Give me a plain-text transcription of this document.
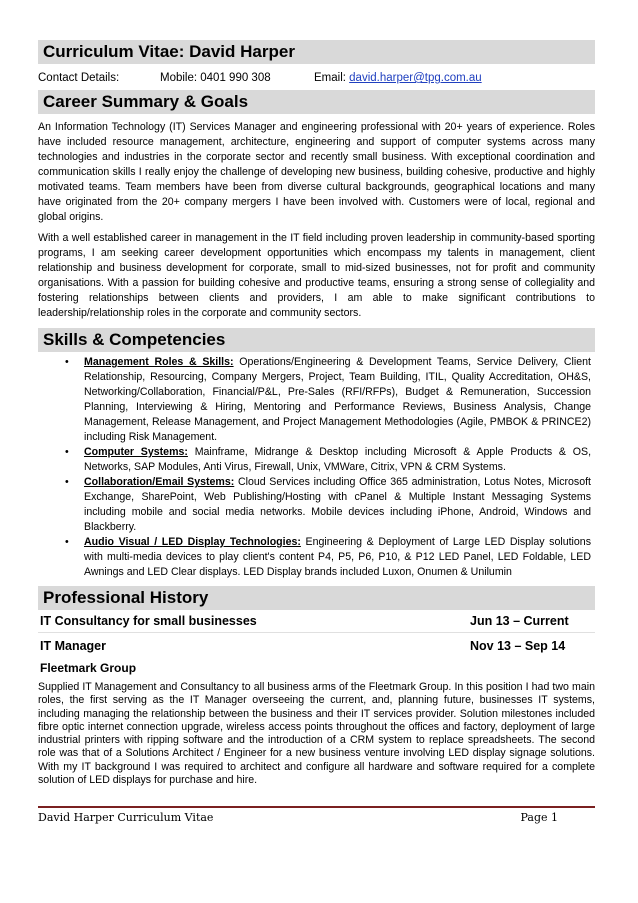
Curriculum Vitae: David Harper
Contact Details:	Mobile: 0401 990 308	Email: david.harper@tpg.com.au
Career Summary & Goals

An Information Technology (IT) Services Manager and engineering professional with 20+ years of experience. Roles have included resource management, architecture, engineering and support of computer systems across many technologies and industries in the corporate sector and recently small business. With exceptional coordination and communication skills I really enjoy the challenge of developing new business, building cohesive, productive and highly motivated teams. Team members have been from diverse cultural backgrounds, geographical locations and many have originated from the 20+ company mergers I have been involved with. Customers were of local, regional and global origins.

With a well established career in management in the IT field including proven leadership in community-based sporting programs, I am seeking career development opportunities which encompass my talents in management, client relationship and business development for corporate, small to mid-sized businesses, not for profit and community organisations. With a passion for building cohesive and productive teams, ensuring a strong sense of collegiality and fostering relationships between clients and providers, I am able to make significant contributions to leadership/relationship roles in the corporate and community sectors.

Skills & Competencies
• Management Roles & Skills: Operations/Engineering & Development Teams, Service Delivery, Client Relationship, Resourcing, Company Mergers, Project, Team Building, ITIL, Quality Accreditation, OH&S, Networking/Collaboration, Financial/P&L, Pre-Sales (RFI/RFPs), Budget & Remuneration, Succession Planning, Interviewing & Hiring, Mentoring and Performance Reviews, Business Analysis, Change Management, Release Management, and Project Management Methodologies (Agile, PMBOK & PRINCE2) including Risk Management.
• Computer Systems: Mainframe, Midrange & Desktop including Microsoft & Apple Products & OS, Networks, SAP Modules, Anti Virus, Firewall, Unix, VMWare, Citrix, VPN & CRM Systems.
• Collaboration/Email Systems: Cloud Services including Office 365 administration, Lotus Notes, Microsoft Exchange, SharePoint, Web Publishing/Hosting with cPanel & Multiple Instant Messaging Systems including mobile and social media networks. Mobile devices including iPhone, Android, Windows and Blackberry.
• Audio Visual / LED Display Technologies: Engineering & Deployment of Large LED Display solutions with multi-media devices to play client's content P4, P5, P6, P10, & P12 LED Panel, LED Foldable, LED Awnings and LED Clear displays. LED Display brands included Luxon, Onumen & Unilumin
Professional History
IT Consultancy for small businesses	Jun 13 – Current
IT Manager	Nov 13 – Sep 14
Fleetmark Group

Supplied IT Management and Consultancy to all business arms of the Fleetmark Group. In this position I had two main roles, the first serving as the IT Manager overseeing the current, and, planning future, businesses IT systems, including managing the relationship between the business and their IT services provider. Solution milestones included fibre optic internet connection upgrade, wireless access points throughout the offices and factory, deployment of large industrial printers with ripping software and the introduction of a CRM system to replace spreadsheets. The second role was that of a Solutions Architect / Engineer for a new business venture involving LED display signage solutions. With my IT background I was required to architect and configure all hardware and software required for a complete solution of LED displays for purchase and hire.

David Harper Curriculum Vitae	Page 1
